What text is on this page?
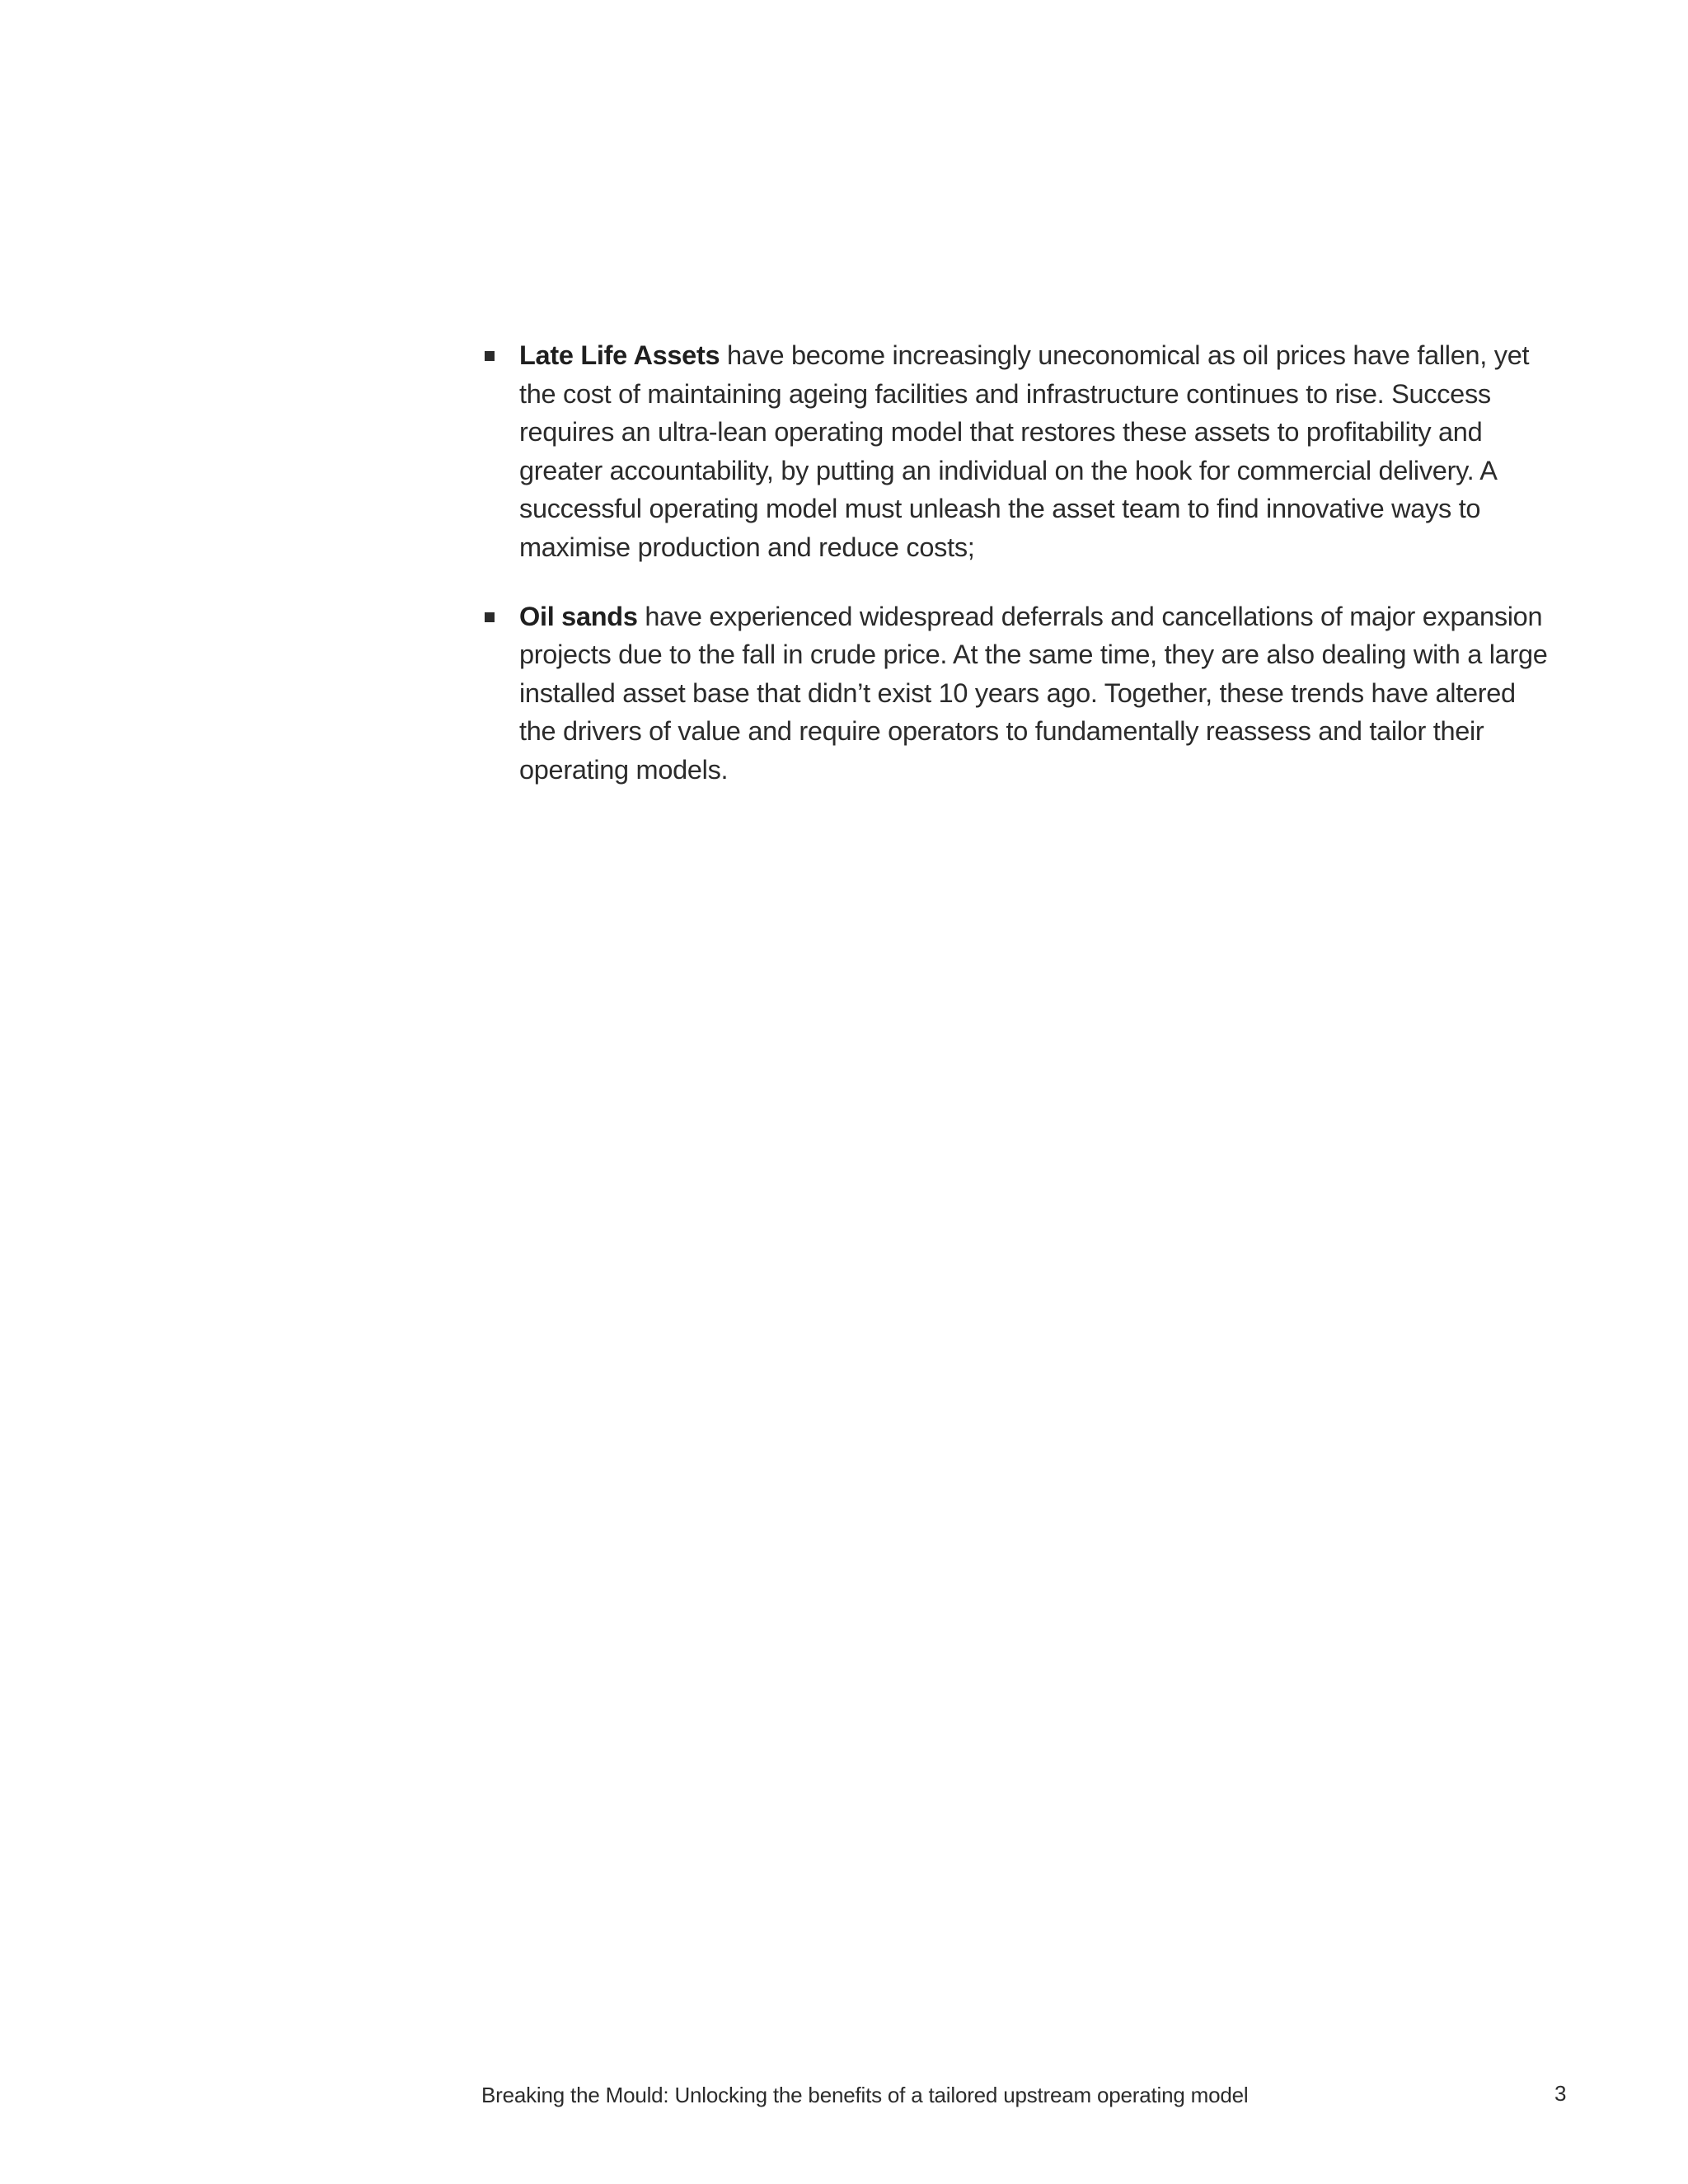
Late Life Assets have become increasingly uneconomical as oil prices have fallen, yet the cost of maintaining ageing facilities and infrastructure continues to rise. Success requires an ultra-lean operating model that restores these assets to profitability and greater accountability, by putting an individual on the hook for commercial delivery. A successful operating model must unleash the asset team to find innovative ways to maximise production and reduce costs;
Oil sands have experienced widespread deferrals and cancellations of major expansion projects due to the fall in crude price. At the same time, they are also dealing with a large installed asset base that didn’t exist 10 years ago. Together, these trends have altered the drivers of value and require operators to fundamentally reassess and tailor their operating models.
Breaking the Mould: Unlocking the benefits of a tailored upstream operating model	3
